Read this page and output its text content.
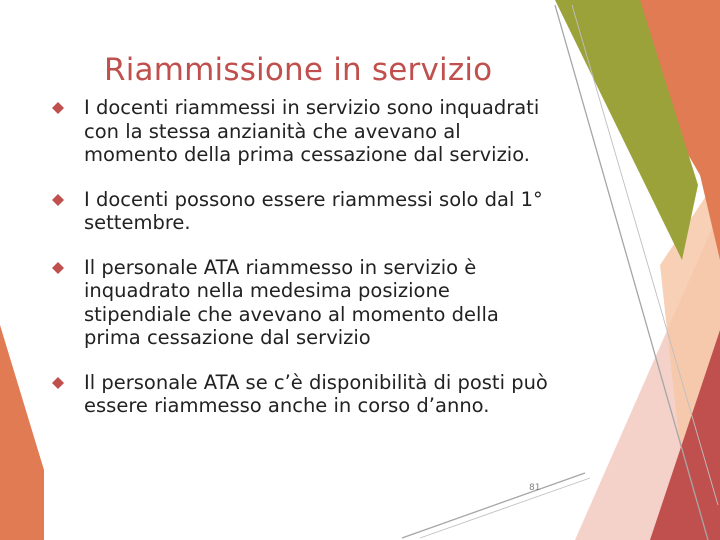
Riammissione in servizio
I docenti riammessi in servizio sono inquadrati con la stessa anzianità che avevano al momento della prima cessazione dal servizio.
I docenti possono essere riammessi solo dal 1° settembre.
Il personale ATA riammesso in servizio è inquadrato nella medesima posizione stipendiale che avevano al momento della prima cessazione dal servizio
Il personale ATA se c’è disponibilità di posti può essere riammesso anche in corso d’anno.
81
